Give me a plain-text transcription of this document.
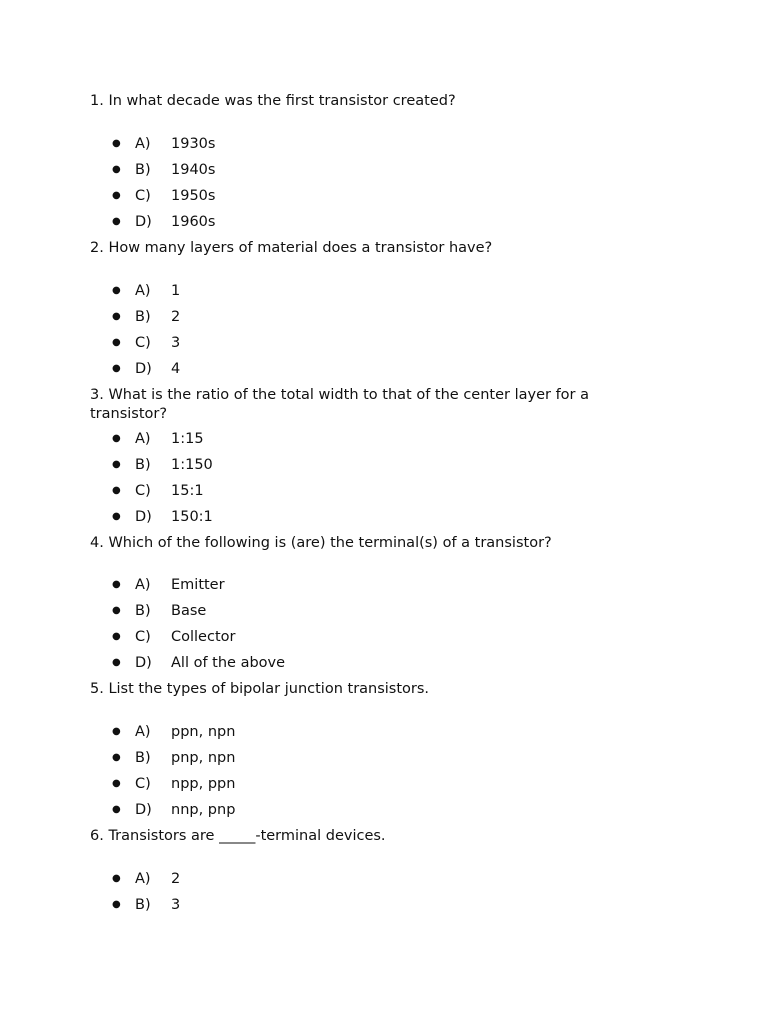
1. In what decade was the first transistor created?

● A) 1930s
● B) 1940s
● C) 1950s
● D) 1960s

2. How many layers of material does a transistor have?

● A) 1
● B) 2
● C) 3
● D) 4

3. What is the ratio of the total width to that of the center layer for a transistor?

● A) 1:15
● B) 1:150
● C) 15:1
● D) 150:1

4. Which of the following is (are) the terminal(s) of a transistor?

● A) Emitter
● B) Base
● C) Collector
● D) All of the above

5. List the types of bipolar junction transistors.

● A) ppn, npn
● B) pnp, npn
● C) npp, ppn
● D) nnp, pnp

6. Transistors are _____-terminal devices.

● A) 2
● B) 3
